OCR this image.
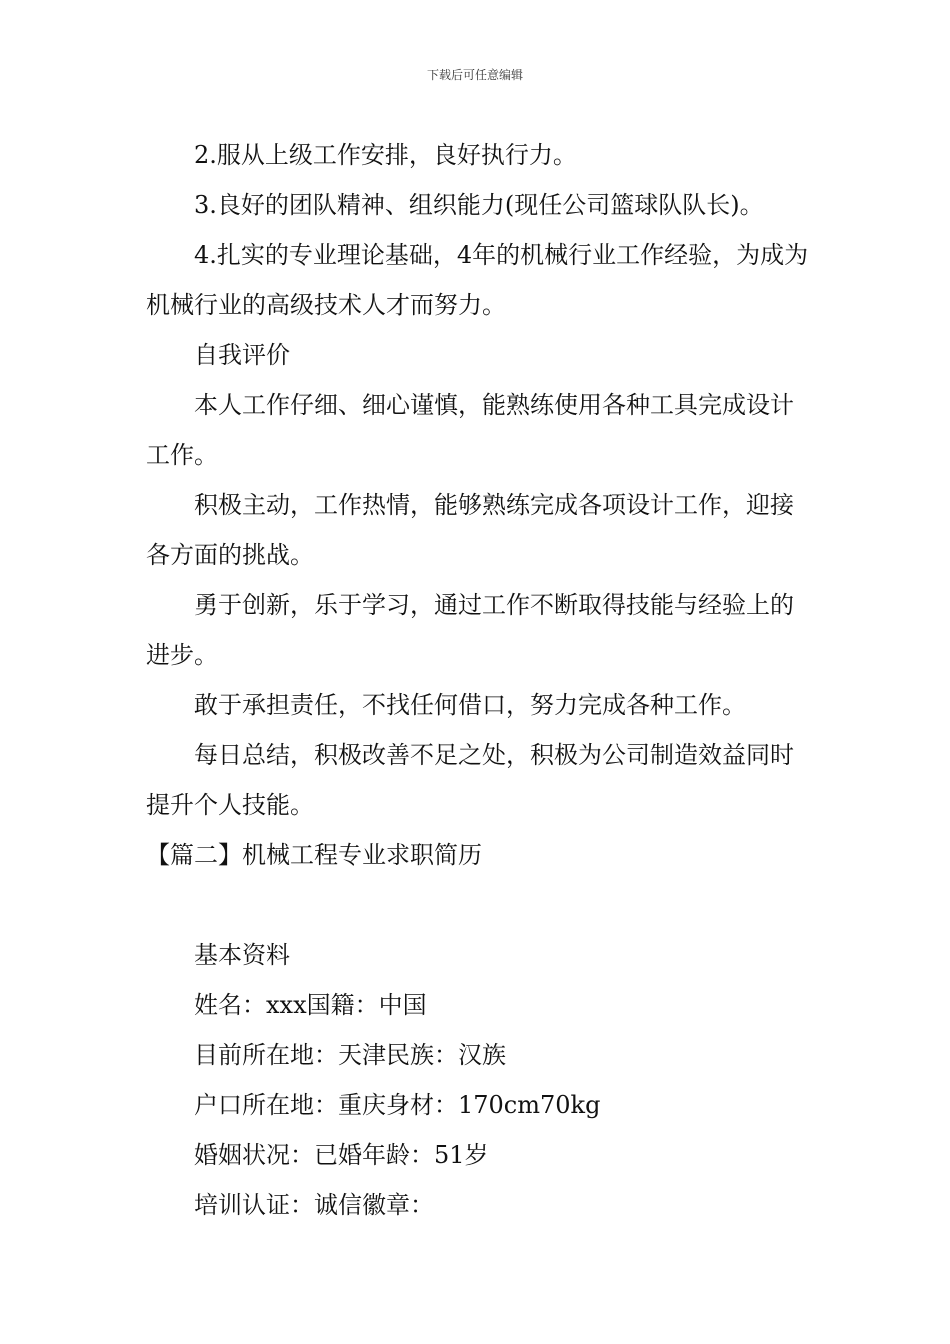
下载后可任意编辑

2.服从上级工作安排，良好执行力。

3.良好的团队精神、组织能力(现任公司篮球队队长)。

4.扎实的专业理论基础，4年的机械行业工作经验，为成为机械行业的高级技术人才而努力。

自我评价

本人工作仔细、细心谨慎，能熟练使用各种工具完成设计工作。

积极主动，工作热情，能够熟练完成各项设计工作，迎接各方面的挑战。

勇于创新，乐于学习，通过工作不断取得技能与经验上的进步。

敢于承担责任，不找任何借口，努力完成各种工作。

每日总结，积极改善不足之处，积极为公司制造效益同时提升个人技能。

【篇二】机械工程专业求职简历

基本资料

姓名：xxx国籍：中国

目前所在地：天津民族：汉族

户口所在地：重庆身材：170cm70kg

婚姻状况：已婚年龄：51岁

培训认证：诚信徽章：
